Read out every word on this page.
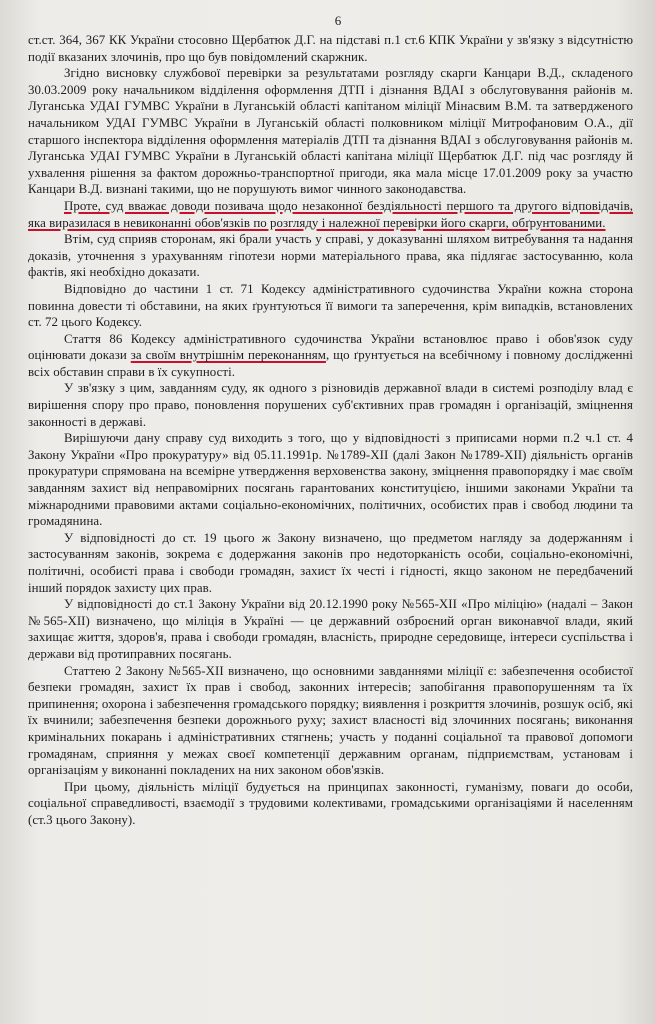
6

ст.ст. 364, 367 КК України стосовно Щербатюк Д.Г. на підставі п.1 ст.6 КПК України у зв'язку з відсутністю події вказаних злочинів, про що був повідомлений скаржник.

Згідно висновку службової перевірки за результатами розгляду скарги Канцари В.Д., складеного 30.03.2009 року начальником відділення оформлення ДТП і дізнання ВДАІ з обслуговування районів м. Луганська УДАІ ГУМВС України в Луганській області капітаном міліції Мінасвим В.М. та затвердженого начальником УДАІ ГУМВС України в Луганській області полковником міліції Митрофановим О.А., дії старшого інспектора відділення оформлення матеріалів ДТП та дізнання ВДАІ з обслуговування районів м. Луганська УДАІ ГУМВС України в Луганській області капітана міліції Щербатюк Д.Г. під час розгляду й ухвалення рішення за фактом дорожньо-транспортної пригоди, яка мала місце 17.01.2009 року за участю Канцари В.Д. визнані такими, що не порушують вимог чинного законодавства.

Проте, суд вважає доводи позивача щодо незаконної бездіяльності першого та другого відповідачів, яка виразилася в невиконанні обов'язків по розгляду і належної перевірки його скарги, обґрунтованими.

Втім, суд сприяв сторонам, які брали участь у справі, у доказуванні шляхом витребування та надання доказів, уточнення з урахуванням гіпотези норми матеріального права, яка підлягає застосуванню, кола фактів, які необхідно доказати.

Відповідно до частини 1 ст. 71 Кодексу адміністративного судочинства України кожна сторона повинна довести ті обставини, на яких ґрунтуються її вимоги та заперечення, крім випадків, встановлених ст. 72 цього Кодексу.

Стаття 86 Кодексу адміністративного судочинства України встановлює право і обов'язок суду оцінювати докази за своїм внутрішнім переконанням, що ґрунтується на всебічному і повному дослідженні всіх обставин справи в їх сукупності.

У зв'язку з цим, завданням суду, як одного з різновидів державної влади в системі розподілу влад є вирішення спору про право, поновлення порушених суб'єктивних прав громадян і організацій, зміцнення законності в державі.

Вирішуючи дану справу суд виходить з того, що у відповідності з приписами норми п.2 ч.1 ст. 4 Закону України «Про прокуратуру» від 05.11.1991р. №1789-XII (далі Закон №1789-XII) діяльність органів прокуратури спрямована на всемірне утвердження верховенства закону, зміцнення правопорядку і має своїм завданням захист від неправомірних посягань гарантованих конституцією, іншими законами України та міжнародними правовими актами соціально-економічних, політичних, особистих прав і свобод людини та громадянина.

У відповідності до ст. 19 цього ж Закону визначено, що предметом нагляду за додержанням і застосуванням законів, зокрема є додержання законів про недоторканість особи, соціально-економічні, політичні, особисті права і свободи громадян, захист їх честі і гідності, якщо законом не передбачений інший порядок захисту цих прав.

У відповідності до ст.1 Закону України від 20.12.1990 року №565-XII «Про міліцію» (надалі – Закон №565-XII) визначено, що міліція в Україні — це державний озброєний орган виконавчої влади, який захищає життя, здоров'я, права і свободи громадян, власність, природне середовище, інтереси суспільства і держави від протиправних посягань.

Статтею 2 Закону №565-XII визначено, що основними завданнями міліції є: забезпечення особистої безпеки громадян, захист їх прав і свобод, законних інтересів; запобігання правопорушенням та їх припинення; охорона і забезпечення громадського порядку; виявлення і розкриття злочинів, розшук осіб, які їх вчинили; забезпечення безпеки дорожнього руху; захист власності від злочинних посягань; виконання кримінальних покарань і адміністративних стягнень; участь у поданні соціальної та правової допомоги громадянам, сприяння у межах своєї компетенції державним органам, підприємствам, установам і організаціям у виконанні покладених на них законом обов'язків.

При цьому, діяльність міліції будується на принципах законності, гуманізму, поваги до особи, соціальної справедливості, взаємодії з трудовими колективами, громадськими організаціями й населенням (ст.3 цього Закону).
